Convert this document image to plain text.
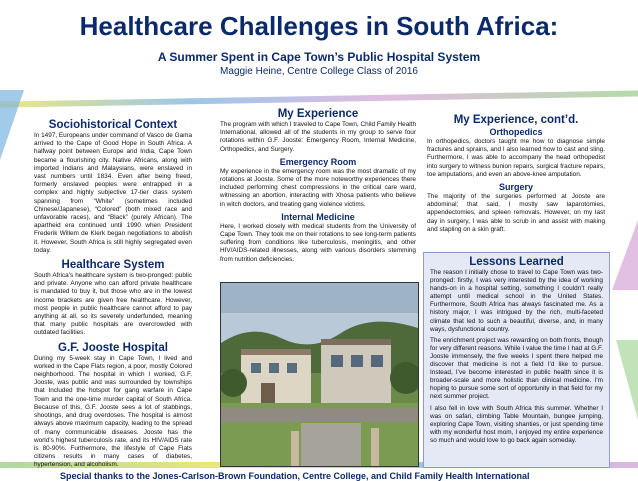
Healthcare Challenges in South Africa:
A Summer Spent in Cape Town’s Public Hospital System
Maggie Heine, Centre College Class of 2016
Sociohistorical Context

In 1497, Europeans under command of Vasco de Gama arrived to the Cape of Good Hope in South Africa. A halfway point between Europe and India, Cape Town became a flourishing city. Native Africans, along with imported Indians and Malaysians, were enslaved in vast numbers until 1834. Even after being freed, formerly enslaved peoples were entrapped in a complex and highly subjective 17-tier class system spanning from “White” (sometimes included Chinese/Japanese), “Colored” (both mixed race and unfavorable races), and “Black” (purely African). The apartheid era continued until 1990 when President Frederik Willem de Klerk began negotiations to abolish it. However, South Africa is still highly segregated even today.

Healthcare System

South Africa’s healthcare system is two-pronged: public and private. Anyone who can afford private healthcare is mandated to buy it, but those who are in the lowest income brackets are given free healthcare. However, most people in public healthcare cannot afford to pay anything at all, so its severely underfunded, meaning that many public hospitals are overcrowded with outdated facilities.

G.F. Jooste Hospital

During my 5-week stay in Cape Town, I lived and worked in the Cape Flats region, a poor, mostly Colored neighborhood. The hospital in which I worked, G.F. Jooste, was public and was surrounded by townships that Included the hotspot for gang warfare in Cape Town and the one-time murder capital of South Africa. Because of this, G.F. Jooste sees a lot of stabbings, shootings, and drug overdoses. The hospital is almost always above maximum capacity, leading to the spread of many communicable diseases. Jooste has the world’s highest tuberculosis rate, and its HIV/AIDS rate is 80-90%. Furthermore, the lifestyle of Cape Flats citizens results in many cases of diabetes, hypertension, and alcoholism.

My Experience

The program with which I traveled to Cape Town, Child Family Health International, allowed all of the students in my group to serve four rotations within G.F. Jooste: Emergency Room, Internal Medicine, Orthopedics, and Surgery.

Emergency Room

My experience in the emergency room was the most dramatic of my rotations at Jooste. Some of the more noteworthy experiences there included performing chest compressions in the critical care ward, witnessing an abortion, interacting with Xhosa patients who believe in witch doctors, and treating gang violence victims.

Internal Medicine

Here, I worked closely with medical students from the University of Cape Town. They took me on their rotations to see long-term patients suffering from conditions like tuberculosis, meningitis, and other HIV/AIDS-related illnesses, along with various disorders stemming from nutrition deficiencies.

My Experience, cont’d.
Orthopedics

In orthopedics, doctors taught me how to diagnose simple fractures and sprains, and I also learned how to cast and sling. Furthermore, I was able to accompany the head orthopedist into surgery to witness bunion repairs, surgical fracture repairs, toe amputations, and even an above-knee amputation.

Surgery

The majority of the surgeries performed at Jooste are abdominal; that said, I mostly saw laparotomies, appendectomies, and spleen removals. However, on my last day in surgery, I was able to scrub in and assist with making and stapling on a skin graft.

Lessons Learned

The reason I initially chose to travel to Cape Town was two-pronged: firstly, I was very interested by the idea of working hands-on in a hospital setting, something I couldn’t really attempt until medical school in the United States. Furthermore, South Africa has always fascinated me. As a history major, I was intrigued by the rich, multi-faceted climate that led to such a beautiful, diverse, and, in many ways, dysfunctional country.

The enrichment project was rewarding on both fronts, though for very different reasons. While I value the time I had at G.F. Jooste immensely, the five weeks I spent there helped me discover that medicine is not a field I’d like to pursue. Instead, I’ve become interested in public health since it is broader-scale and more holistic than clinical medicine. I’m hoping to pursue some sort of opportunity in that field for my next summer project.

I also fell in love with South Africa this summer. Whether I was on safari, climbing Table Mountain, bungee jumping, exploring Cape Town, visiting shanties, or just spending time with my wonderful host mom, I enjoyed my entire experience so much and would love to go back again someday.

Special thanks to the Jones-Carlson-Brown Foundation, Centre College, and Child Family Health International
